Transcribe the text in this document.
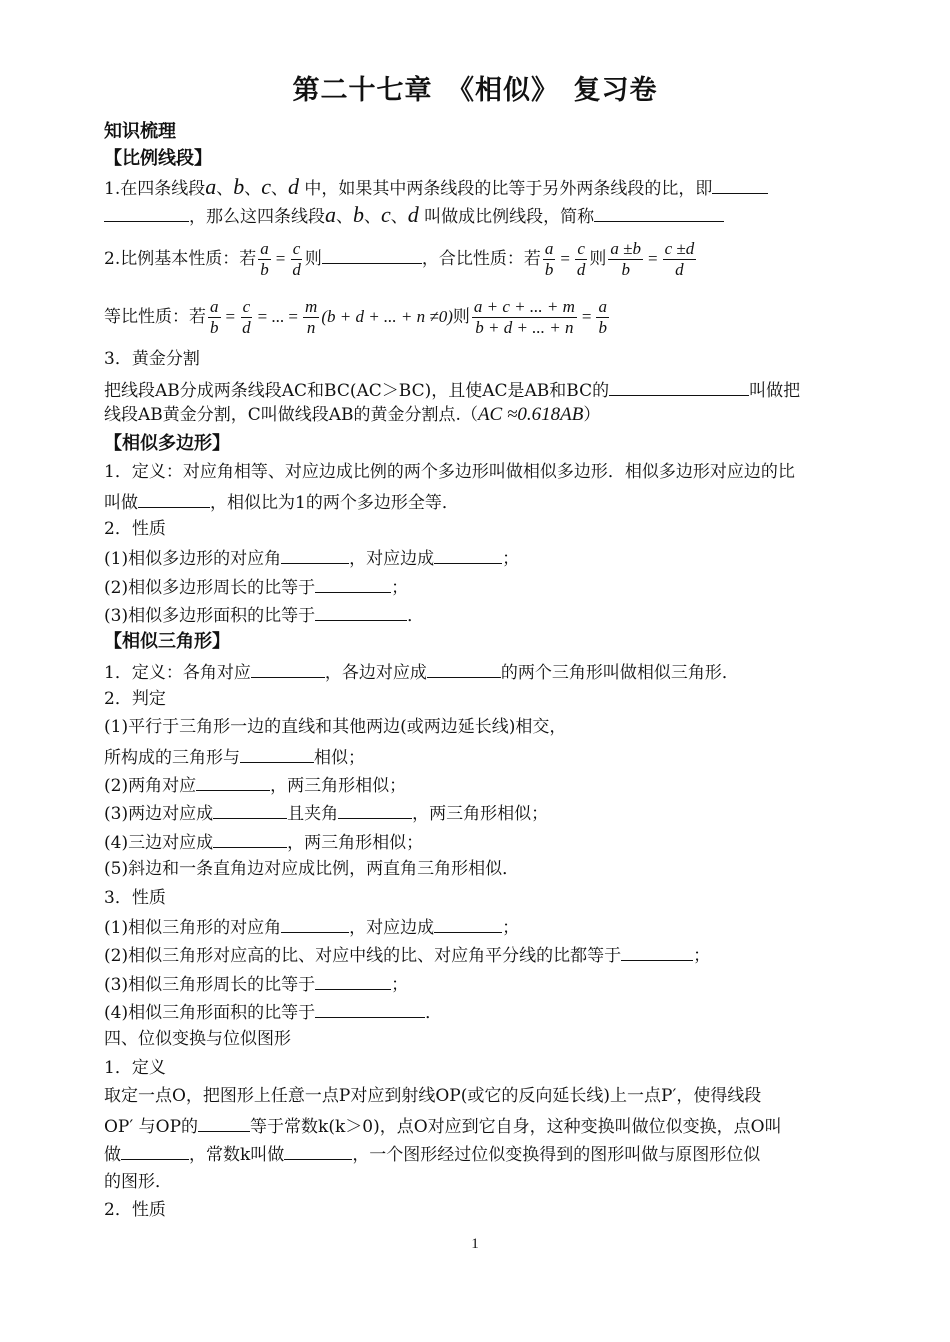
第二十七章　《相似》　复习卷
知识梳理
【比例线段】
1.在四条线段a、b、c、d 中，如果其中两条线段的比等于另外两条线段的比，即
，那么这四条线段a、b、c、d 叫做成比例线段，简称
2.比例基本性质：若 $\frac{a}{b} = \frac{c}{d}$ 则	，合比性质：若 $\frac{a}{b} = \frac{c}{d}$ 则 $\frac{a \pm b}{b} = \frac{c \pm d}{d}$
等比性质：若 $\frac{a}{b} = \frac{c}{d}$ = ... = $\frac{m}{n} (b + d$ + ... + n ≠0)则 $\frac{a + c + ... + m}{b + d + ... + n} = \frac{a}{b}$
3．黄金分割
把线段AB分成两条线段AC和BC(AC＞BC)，且使AC是AB和BC的	叫做把
线段AB黄金分割，C叫做线段AB的黄金分割点.（AC ≈0.618AB）
【相似多边形】
1．定义：对应角相等、对应边成比例的两个多边形叫做相似多边形．相似多边形对应边的比
叫做	，相似比为1的两个多边形全等．
2．性质
(1)相似多边形的对应角	，对应边成	；
(2)相似多边形周长的比等于	；
(3)相似多边形面积的比等于	．
【相似三角形】
1．定义：各角对应	，各边对应成	的两个三角形叫做相似三角形．
2．判定
(1)平行于三角形一边的直线和其他两边(或两边延长线)相交，
所构成的三角形与	相似；
(2)两角对应	，两三角形相似；
(3)两边对应成	且夹角	，两三角形相似；
(4)三边对应成	，两三角形相似；
(5)斜边和一条直角边对应成比例，两直角三角形相似．
3．性质
(1)相似三角形的对应角	，对应边成	；
(2)相似三角形对应高的比、对应中线的比、对应角平分线的比都等于	；
(3)相似三角形周长的比等于	；
(4)相似三角形面积的比等于	．
四、位似变换与位似图形
1．定义
取定一点O，把图形上任意一点P对应到射线OP(或它的反向延长线)上一点P′，使得线段
OP′ 与OP的	等于常数k(k＞0)，点O对应到它自身，这种变换叫做位似变换，点O叫
做	，常数k叫做	，一个图形经过位似变换得到的图形叫做与原图形位似
的图形．
2．性质
1
